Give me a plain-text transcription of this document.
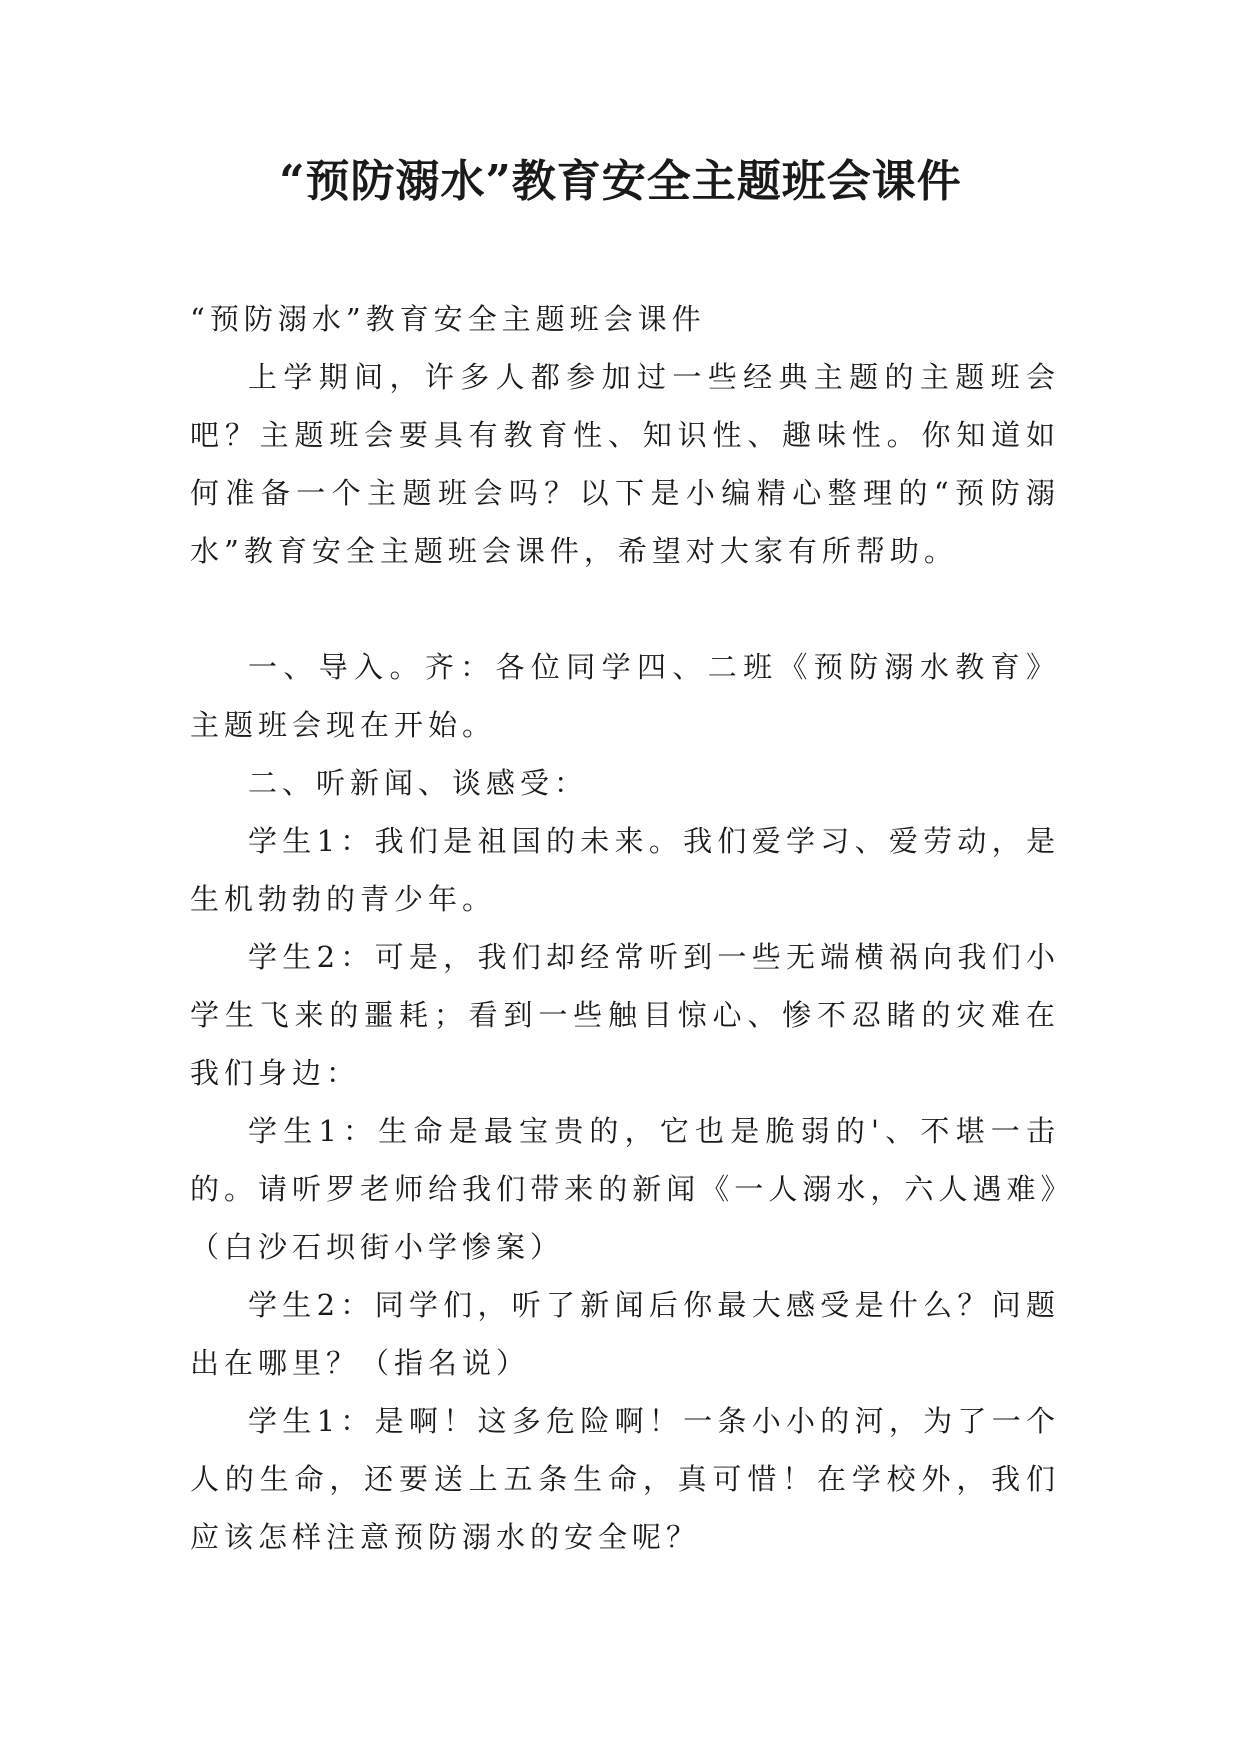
“预防溺水”教育安全主题班会课件

“预防溺水”教育安全主题班会课件

上学期间，许多人都参加过一些经典主题的主题班会吧？主题班会要具有教育性、知识性、趣味性。你知道如何准备一个主题班会吗？以下是小编精心整理的“预防溺水”教育安全主题班会课件，希望对大家有所帮助。

一、导入。齐：各位同学四、二班《预防溺水教育》主题班会现在开始。

二、听新闻、谈感受：

学生1：我们是祖国的未来。我们爱学习、爱劳动，是生机勃勃的青少年。

学生2：可是，我们却经常听到一些无端横祸向我们小学生飞来的噩耗；看到一些触目惊心、惨不忍睹的灾难在我们身边：

学生1：生命是最宝贵的，它也是脆弱的'、不堪一击的。请听罗老师给我们带来的新闻《一人溺水，六人遇难》（白沙石坝街小学惨案）

学生2：同学们，听了新闻后你最大感受是什么？问题出在哪里？（指名说）

学生1：是啊！这多危险啊！一条小小的河，为了一个人的生命，还要送上五条生命，真可惜！在学校外，我们应该怎样注意预防溺水的安全呢？
